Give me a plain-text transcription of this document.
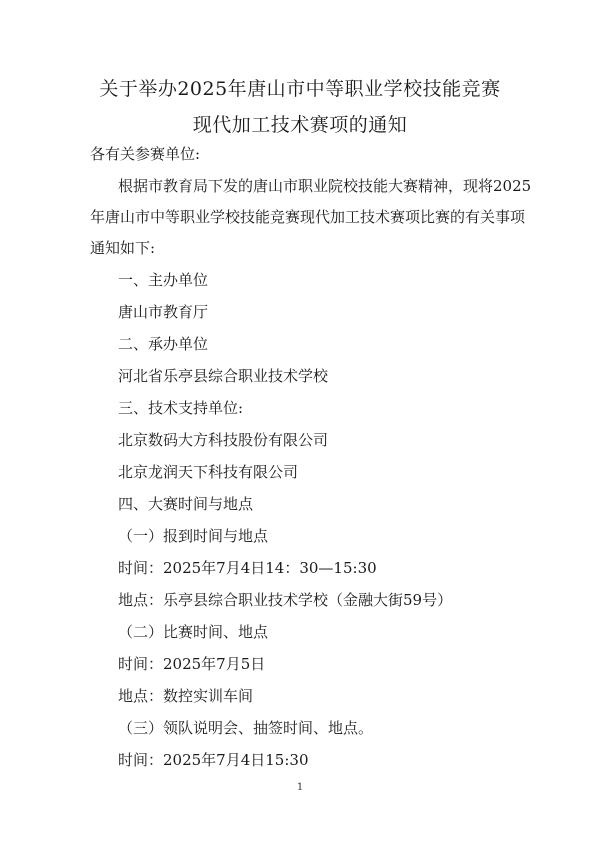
关于举办2025年唐山市中等职业学校技能竞赛
现代加工技术赛项的通知
各有关参赛单位:
根据市教育局下发的唐山市职业院校技能大赛精神，现将2025
年唐山市中等职业学校技能竞赛现代加工技术赛项比赛的有关事项
通知如下:
一、主办单位
唐山市教育厅
二、承办单位
河北省乐亭县综合职业技术学校
三、技术支持单位:
北京数码大方科技股份有限公司
北京龙润天下科技有限公司
四、大赛时间与地点
（一）报到时间与地点
时间：2025年7月4日14：30—15:30
地点：乐亭县综合职业技术学校（金融大街59号）
（二）比赛时间、地点
时间：2025年7月5日
地点：数控实训车间
（三）领队说明会、抽签时间、地点。
时间：2025年7月4日15:30
1
